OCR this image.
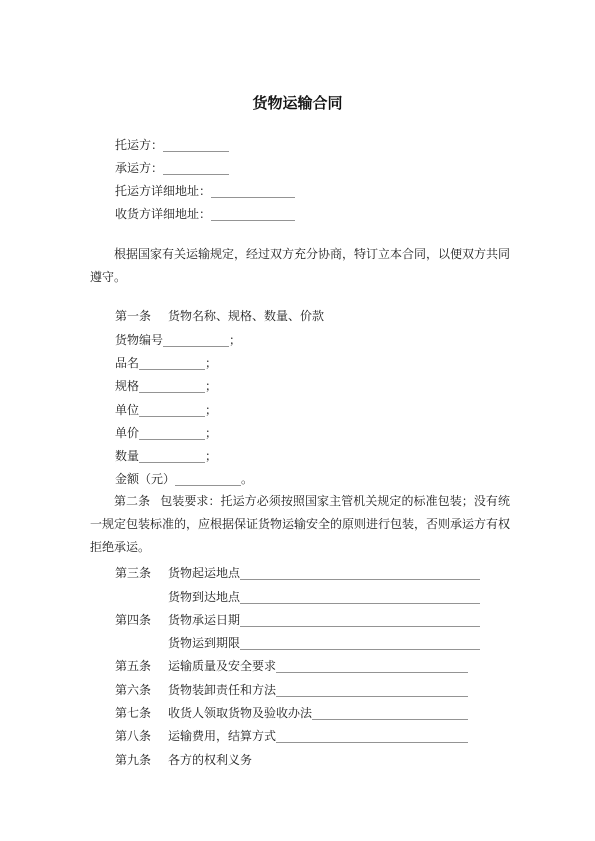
货物运输合同
托运方：___________
承运方：___________
托运方详细地址：______________
收货方详细地址：______________
根据国家有关运输规定，经过双方充分协商，特订立本合同，以便双方共同遵守。
第一条 货物名称、规格、数量、价款
货物编号___________；
品名___________；
规格___________；
单位___________；
单价___________；
数量___________；
金额（元）___________。
第二条 包装要求：托运方必须按照国家主管机关规定的标准包装；没有统一规定包装标准的，应根据保证货物运输安全的原则进行包装，否则承运方有权拒绝承运。
第三条 货物起运地点________________________________________
货物到达地点________________________________________
第四条 货物承运日期________________________________________
货物运到期限________________________________________
第五条 运输质量及安全要求________________________________
第六条 货物装卸责任和方法________________________________
第七条 收货人领取货物及验收办法__________________________
第八条 运输费用，结算方式________________________________
第九条 各方的权利义务
